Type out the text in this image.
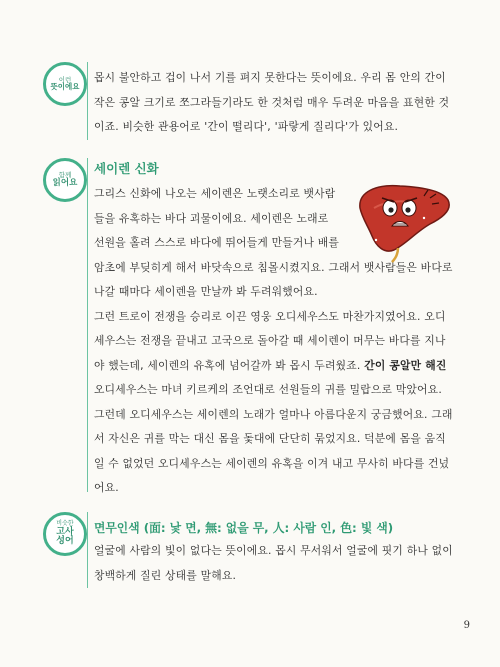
이런
뜻이에요

몹시 불안하고 겁이 나서 기를 펴지 못한다는 뜻이에요. 우리 몸 안의 간이
작은 콩알 크기로 쪼그라들기라도 한 것처럼 매우 두려운 마음을 표현한 것
이죠. 비슷한 관용어로 '간이 떨리다', '파랗게 질리다'가 있어요.

함께
읽어요
세이렌 신화

그리스 신화에 나오는 세이렌은 노랫소리로 뱃사람
들을 유혹하는 바다 괴물이에요. 세이렌은 노래로
선원을 홀려 스스로 바다에 뛰어들게 만들거나 배를
암초에 부딪히게 해서 바닷속으로 침몰시켰지요. 그래서 뱃사람들은 바다로
나갈 때마다 세이렌을 만날까 봐 두려워했어요.
그런 트로이 전쟁을 승리로 이끈 영웅 오디세우스도 마찬가지였어요. 오디
세우스는 전쟁을 끝내고 고국으로 돌아갈 때 세이렌이 머무는 바다를 지나
야 했는데, 세이렌의 유혹에 넘어갈까 봐 몹시 두려웠죠. 간이 콩알만 해진
오디세우스는 마녀 키르케의 조언대로 선원들의 귀를 밀랍으로 막았어요.
그런데 오디세우스는 세이렌의 노래가 얼마나 아름다운지 궁금했어요. 그래
서 자신은 귀를 막는 대신 몸을 돛대에 단단히 묶었지요. 덕분에 몸을 움직
일 수 없었던 오디세우스는 세이렌의 유혹을 이겨 내고 무사히 바다를 건넜
어요.

비슷한
고사
성어
면무인색 (面: 낯 면, 無: 없을 무, 人: 사람 인, 色: 빛 색)

얼굴에 사람의 빛이 없다는 뜻이에요. 몹시 무서워서 얼굴에 핏기 하나 없이
창백하게 질린 상태를 말해요.

9
